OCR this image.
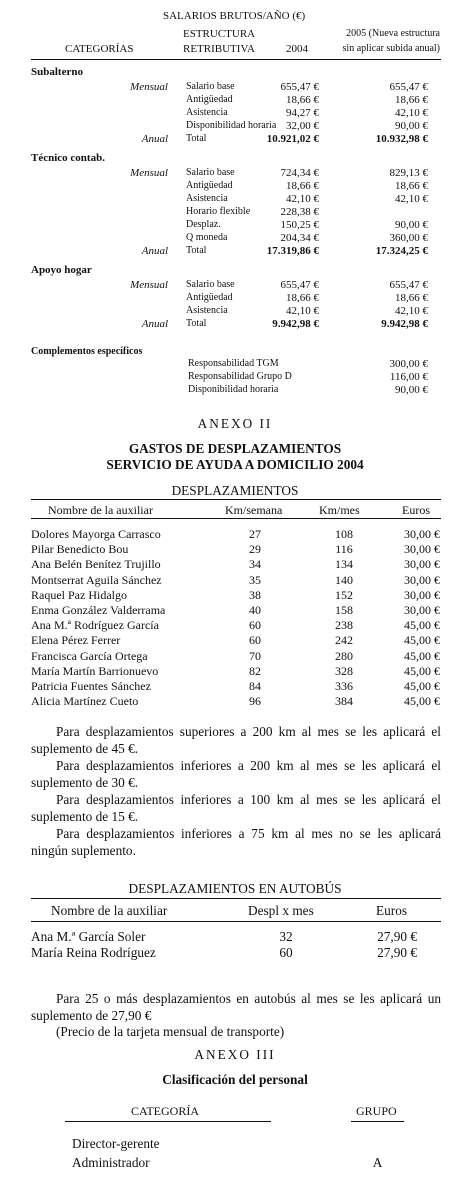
SALARIOS BRUTOS/AÑO (€)
ESTRUCTURA
CATEGORÍAS	RETRIBUTIVA	2004
2005 (Nueva estructura
sin aplicar subida anual)
Subalterno
Mensual Salario base	655,47 €	655,47 €
Antigüedad	18,66 €	18,66 €
Asistencia	94,27 €	42,10 €
Disponibilidad horaria 32,00 €	90,00 €
Anual Total	10.921,02 €	10.932,98 €
Técnico contab.
Mensual Salario base	724,34 €	829,13 €
Antigüedad	18,66 €	18,66 €
Asistencia	42,10 €	42,10 €
Horario flexible	228,38 €
Desplaz.	150,25 €	90,00 €
Q moneda	204,34 €	360,00 €
Anual Total	17.319,86 €	17.324,25 €
Apoyo hogar
Mensual Salario base	655,47 €	655,47 €
Antigüedad	18,66 €	18,66 €
Asistencia	42,10 €	42,10 €
Anual Total	9.942,98 €	9.942,98 €
Complementos específicos
Responsabilidad TGM	300,00 €
Responsabilidad Grupo D	116,00 €
Disponibilidad horaria	90,00 €
ANEXO II
GASTOS DE DESPLAZAMIENTOS
SERVICIO DE AYUDA A DOMICILIO 2004
DESPLAZAMIENTOS
Nombre de la auxiliar	Km/semana	Km/mes	Euros
Dolores Mayorga Carrasco	27	108	30,00 €
Pilar Benedicto Bou	29	116	30,00 €
Ana Belén Benítez Trujillo	34	134	30,00 €
Montserrat Aguila Sánchez	35	140	30,00 €
Raquel Paz Hidalgo	38	152	30,00 €
Enma González Valderrama	40	158	30,00 €
Ana M.ª Rodríguez García	60	238	45,00 €
Elena Pérez Ferrer	60	242	45,00 €
Francisca García Ortega	70	280	45,00 €
María Martín Barrionuevo	82	328	45,00 €
Patricia Fuentes Sánchez	84	336	45,00 €
Alicia Martínez Cueto	96	384	45,00 €
Para desplazamientos superiores a 200 km al mes se les aplicará el suplemento de 45 €.
Para desplazamientos inferiores a 200 km al mes se les aplicará el suplemento de 30 €.
Para desplazamientos inferiores a 100 km al mes se les aplicará el suplemento de 15 €.
Para desplazamientos inferiores a 75 km al mes no se les aplicará ningún suplemento.
DESPLAZAMIENTOS EN AUTOBÚS
Nombre de la auxiliar	Despl x mes	Euros
Ana M.ª García Soler	32	27,90 €
María Reina Rodríguez	60	27,90 €
Para 25 o más desplazamientos en autobús al mes se les aplicará un suplemento de 27,90 €
(Precio de la tarjeta mensual de transporte)
ANEXO III
Clasificación del personal
CATEGORÍA	GRUPO
Director-gerente
Administrador	A
